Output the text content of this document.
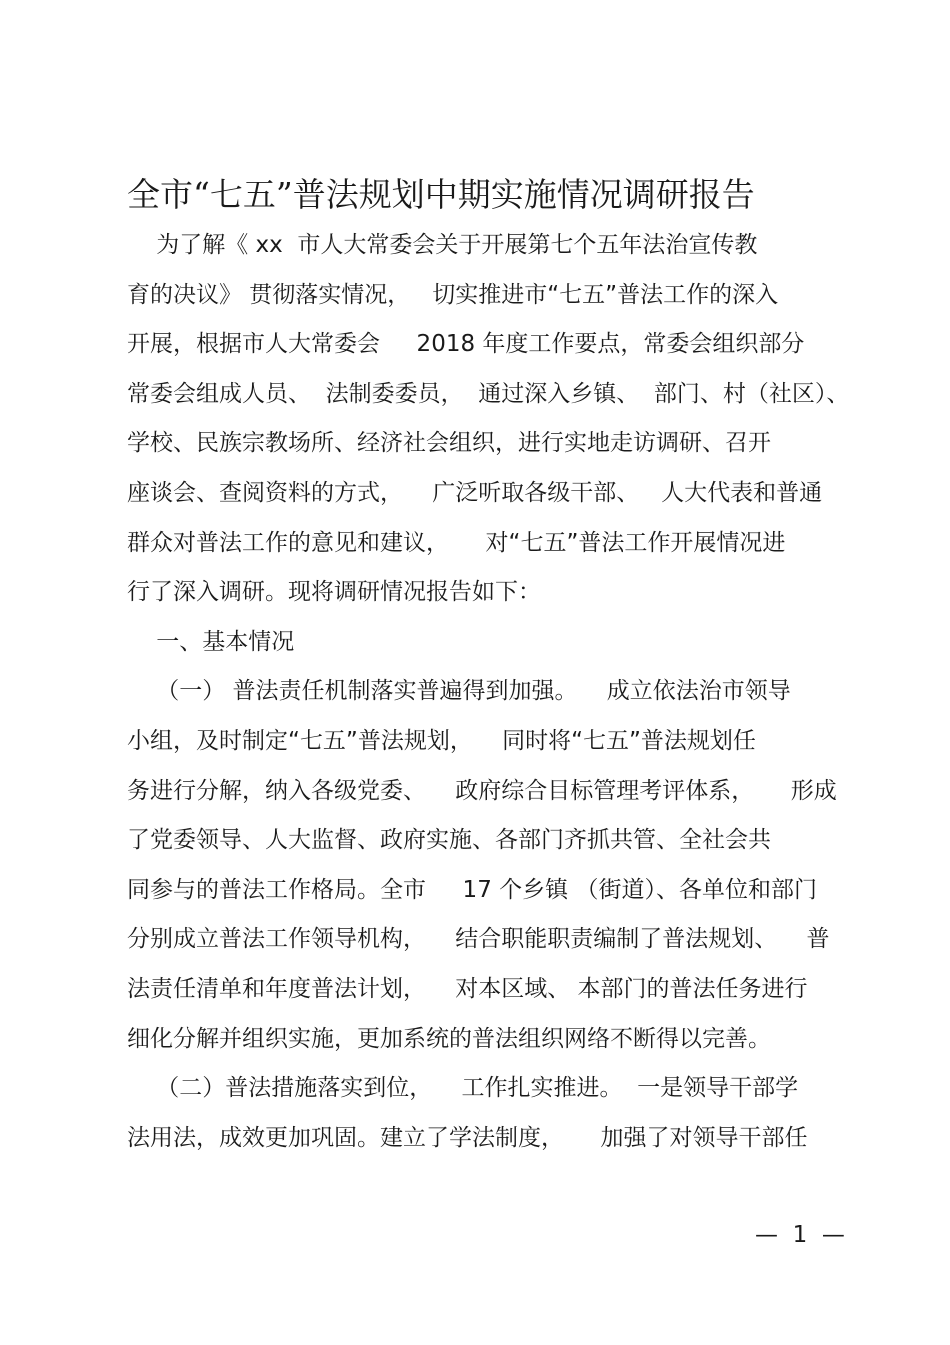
全市“七五”普法规划中期实施情况调研报告
为了解《 xx  市人大常委会关于开展第七个五年法治宣传教
育的决议》 贯彻落实情况，   切实推进市“七五”普法工作的深入
开展，根据市人大常委会     2018 年度工作要点，常委会组织部分
常委会组成人员、  法制委委员，  通过深入乡镇、  部门、村（社区）、
学校、民族宗教场所、经济社会组织，进行实地走访调研、召开
座谈会、查阅资料的方式，    广泛听取各级干部、   人大代表和普通
群众对普法工作的意见和建议，     对“七五”普法工作开展情况进
行了深入调研。现将调研情况报告如下：
一、基本情况
（一） 普法责任机制落实普遍得到加强。    成立依法治市领导
小组，及时制定“七五”普法规划，    同时将“七五”普法规划任
务进行分解，纳入各级党委、    政府综合目标管理考评体系，     形成
了党委领导、人大监督、政府实施、各部门齐抓共管、全社会共
同参与的普法工作格局。全市     17 个乡镇 （街道）、各单位和部门
分别成立普法工作领导机构，    结合职能职责编制了普法规划、    普
法责任清单和年度普法计划，    对本区域、 本部门的普法任务进行
细化分解并组织实施，更加系统的普法组织网络不断得以完善。
（二）普法措施落实到位，    工作扎实推进。  一是领导干部学
法用法，成效更加巩固。建立了学法制度，     加强了对领导干部任
—  1  —
